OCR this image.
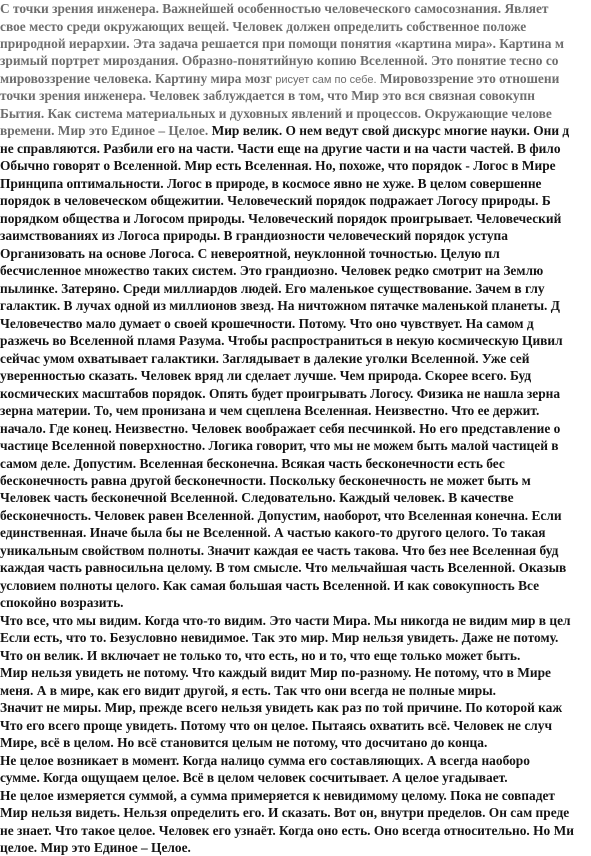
С точки зрения инженера. Важнейшей особенностью человеческого самосознания. Являет
свое место среди окружающих вещей. Человек должен определить собственное положе
природной иерархии. Эта задача решается при помощи понятия «картина мира». Картина м
зримый портрет мироздания. Образно-понятийную копию Вселенной. Это понятие тесно со
мировоззрение человека. Картину мира мозг рисует сам по себе. Мировоззрение это отношени
точки зрения инженера. Человек заблуждается в том, что Мир это вся связная совокупн
Бытия. Как система материальных и духовных явлений и процессов. Окружающие челове
времени. Мир это Единое – Целое. Мир велик. О нем ведут свой дискурс многие науки. Они д
не справляются. Разбили его на части. Части еще на другие части и на части частей. В фило
Обычно говорят о Вселенной. Мир есть Вселенная. Но, похоже, что порядок - Логос в Мире
Принципа оптимальности. Логос в природе, в космосе явно не хуже. В целом совершенне
порядок в человеческом общежитии. Человеческий порядок подражает Логосу природы. Б
порядком общества и Логосом природы. Человеческий порядок проигрывает. Человеческий
заимствованиях из Логоса природы. В грандиозности человеческий порядок уступа
Организовать на основе Логоса. С невероятной, неуклонной точностью. Целую пл
бесчисленное множество таких систем. Это грандиозно. Человек редко смотрит на Землю
пылинке. Затеряно. Среди миллиардов людей. Его маленькое существование. Зачем в глу
галактик. В лучах одной из миллионов звезд. На ничтожном пятачке маленькой планеты. Д
Человечество мало думает о своей крошечности. Потому. Что оно чувствует. На самом д
разжечь во Вселенной пламя Разума. Чтобы распространиться в некую космическую Цивил
сейчас умом охватывает галактики. Заглядывает в далекие уголки Вселенной. Уже сей
уверенностью сказать. Человек вряд ли сделает лучше. Чем природа. Скорее всего. Буд
космических масштабов порядок. Опять будет проигрывать Логосу. Физика не нашла зерна
зерна материи. То, чем пронизана и чем сцеплена Вселенная. Неизвестно. Что ее держит.
начало. Где конец. Неизвестно. Человек воображает себя песчинкой. Но его представление о
частице Вселенной поверхностно. Логика говорит, что мы не можем быть малой частицей в
самом деле. Допустим. Вселенная бесконечна. Всякая часть бесконечности есть бес
бесконечность равна другой бесконечности. Поскольку бесконечность не может быть м
Человек часть бесконечной Вселенной. Следовательно. Каждый человек. В качестве
бесконечность. Человек равен Вселенной. Допустим, наоборот, что Вселенная конечна. Если
единственная. Иначе была бы не Вселенной. А частью какого-то другого целого. То такая
уникальным свойством полноты. Значит каждая ее часть такова. Что без нее Вселенная буд
каждая часть равносильна целому. В том смысле. Что мельчайшая часть Вселенной. Оказыв
условием полноты целого. Как самая большая часть Вселенной. И как совокупность Все
спокойно возразить.
Что все, что мы видим. Когда что-то видим. Это части Мира. Мы никогда не видим мир в цел
Если есть, что то. Безусловно невидимое. Так это мир. Мир нельзя увидеть. Даже не потому.
Что он велик. И включает не только то, что есть, но и то, что еще только может быть.
Мир нельзя увидеть не потому. Что каждый видит Мир по-разному. Не потому, что в Мире
меня. А в мире, как его видит другой, я есть. Так что они всегда не полные миры.
Значит не миры. Мир, прежде всего нельзя увидеть как раз по той причине. По которой каж
Что его всего проще увидеть. Потому что он целое. Пытаясь охватить всё. Человек не случ
Мире, всё в целом. Но всё становится целым не потому, что досчитано до конца.
Не целое возникает в момент. Когда налицо сумма его составляющих. А всегда наоборо
сумме. Когда ощущаем целое. Всё в целом человек сосчитывает. А целое угадывает.
Не целое измеряется суммой, а сумма примеряется к невидимому целому. Пока не совпадет
Мир нельзя видеть. Нельзя определить его. И сказать. Вот он, внутри пределов. Он сам преде
не знает. Что такое целое. Человек его узнаёт. Когда оно есть. Оно всегда относительно. Но Ми
целое. Мир это Единое – Целое.
